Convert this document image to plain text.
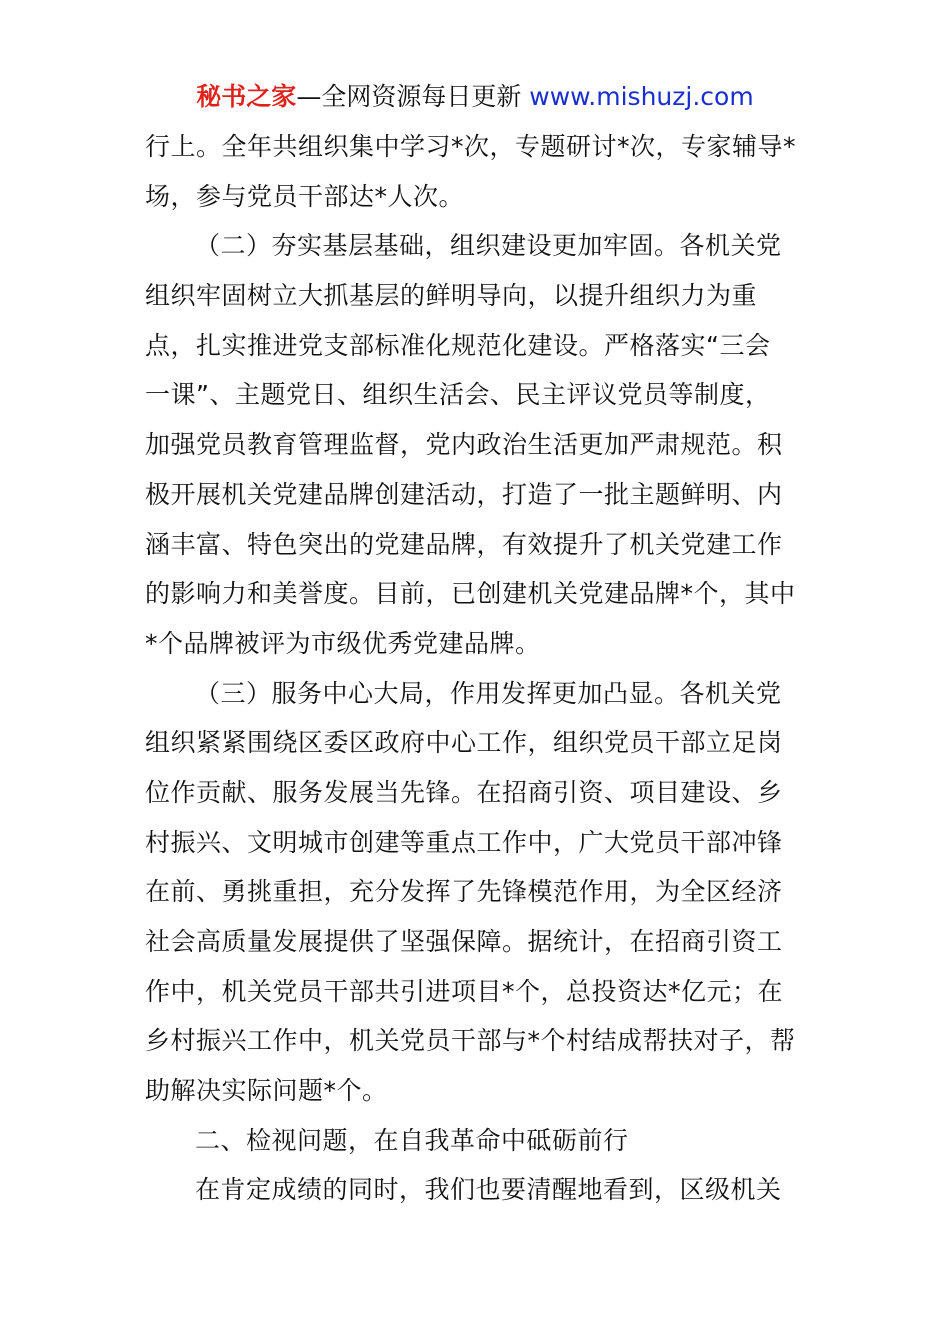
秘书之家—全网资源每日更新 www.mishuzj.com
行上。全年共组织集中学习*次，专题研讨*次，专家辅导*
场，参与党员干部达*人次。
（二）夯实基层基础，组织建设更加牢固。各机关党
组织牢固树立大抓基层的鲜明导向，以提升组织力为重
点，扎实推进党支部标准化规范化建设。严格落实“三会
一课”、主题党日、组织生活会、民主评议党员等制度，
加强党员教育管理监督，党内政治生活更加严肃规范。积
极开展机关党建品牌创建活动，打造了一批主题鲜明、内
涵丰富、特色突出的党建品牌，有效提升了机关党建工作
的影响力和美誉度。目前，已创建机关党建品牌*个，其中
*个品牌被评为市级优秀党建品牌。
（三）服务中心大局，作用发挥更加凸显。各机关党
组织紧紧围绕区委区政府中心工作，组织党员干部立足岗
位作贡献、服务发展当先锋。在招商引资、项目建设、乡
村振兴、文明城市创建等重点工作中，广大党员干部冲锋
在前、勇挑重担，充分发挥了先锋模范作用，为全区经济
社会高质量发展提供了坚强保障。据统计，在招商引资工
作中，机关党员干部共引进项目*个，总投资达*亿元；在
乡村振兴工作中，机关党员干部与*个村结成帮扶对子，帮
助解决实际问题*个。
二、检视问题，在自我革命中砥砺前行
在肯定成绩的同时，我们也要清醒地看到，区级机关
